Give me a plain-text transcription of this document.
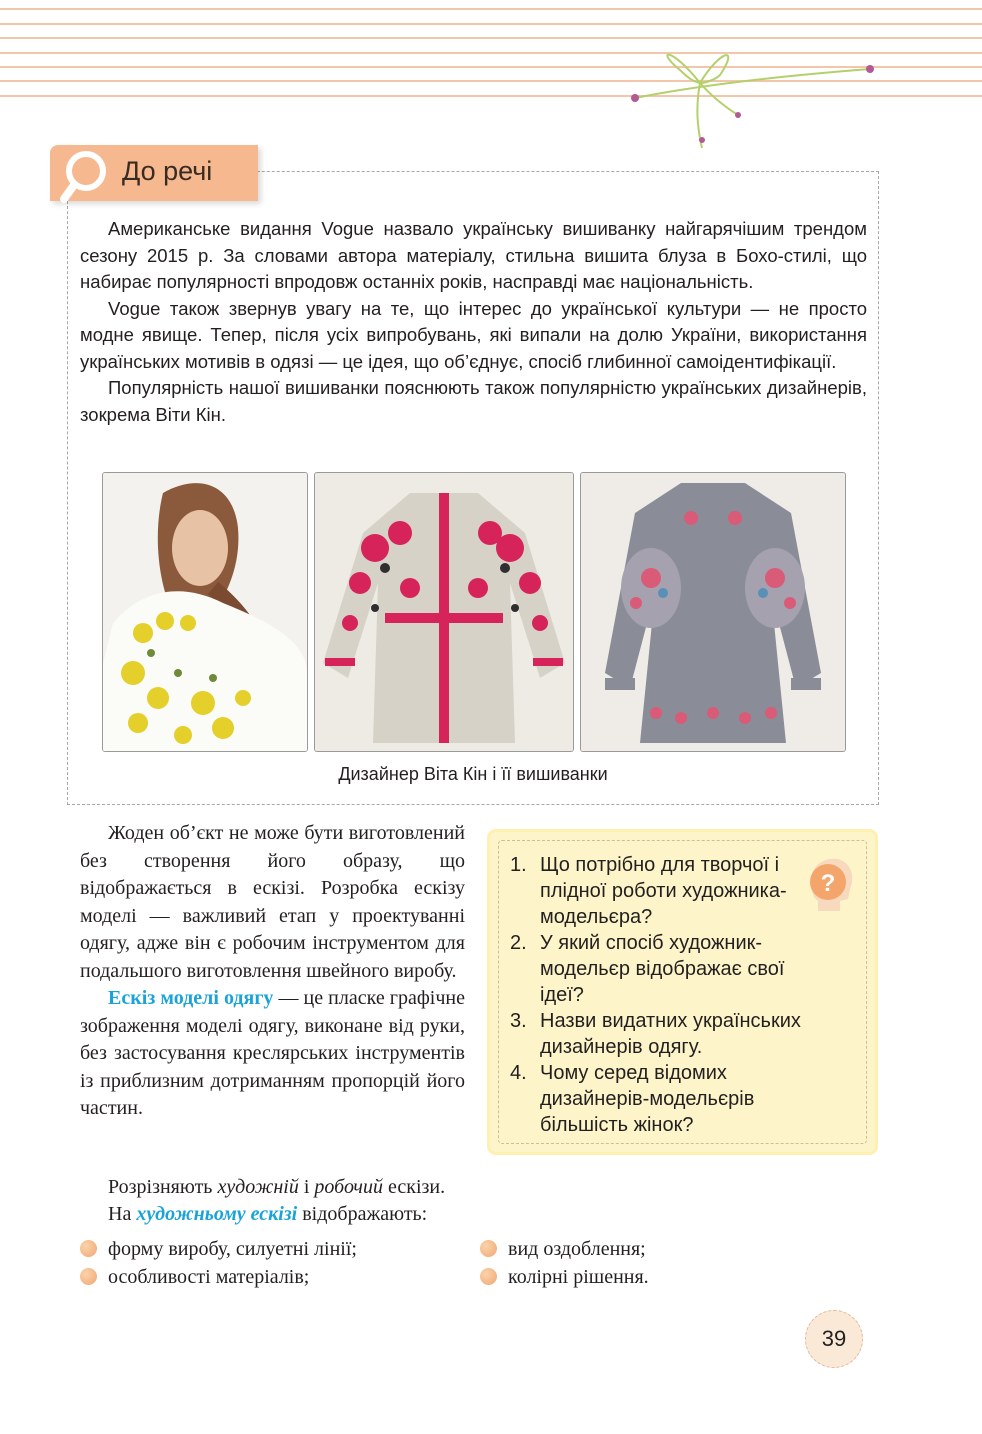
До речі

Американське видання Vogue назвало українську вишиванку найгарячішим трендом сезону 2015 р. За словами автора матеріалу, стильна вишита блуза в Бохо-стилі, що набирає популярності впродовж останніх років, насправді має національність.

Vogue також звернув увагу на те, що інтерес до української культури — не просто модне явище. Тепер, після усіх випробувань, які випали на долю України, використання українських мотивів в одязі — це ідея, що об’єднує, спосіб глибинної самоідентифікації.

Популярність нашої вишиванки пояснюють також популярністю українських дизайнерів, зокрема Віти Кін.

Дизайнер Віта Кін і її вишиванки

Жоден об’єкт не може бути виготовлений без створення його образу, що відображається в ескізі. Розробка ескізу моделі — важливий етап у проектуванні одягу, адже він є робочим інструментом для подальшого виготовлення швейного виробу.

Ескіз моделі одягу — це пласке графічне зображення моделі одягу, виконане від руки, без застосування креслярських інструментів із приблизним дотриманням пропорцій його частин.

Розрізняють художній і робочий ескізи.
На художньому ескізі відображають:
?
1. Що потрібно для творчої і плідної роботи художника-модельєра?
2. У який спосіб художник-модельєр відображає свої ідеї?
3. Назви видатних українських дизайнерів одягу.
4. Чому серед відомих дизайнерів-модельєрів більшість жінок?
форму виробу, силуетні лінії;
особливості матеріалів;
вид оздоблення;
колірні рішення.
39
